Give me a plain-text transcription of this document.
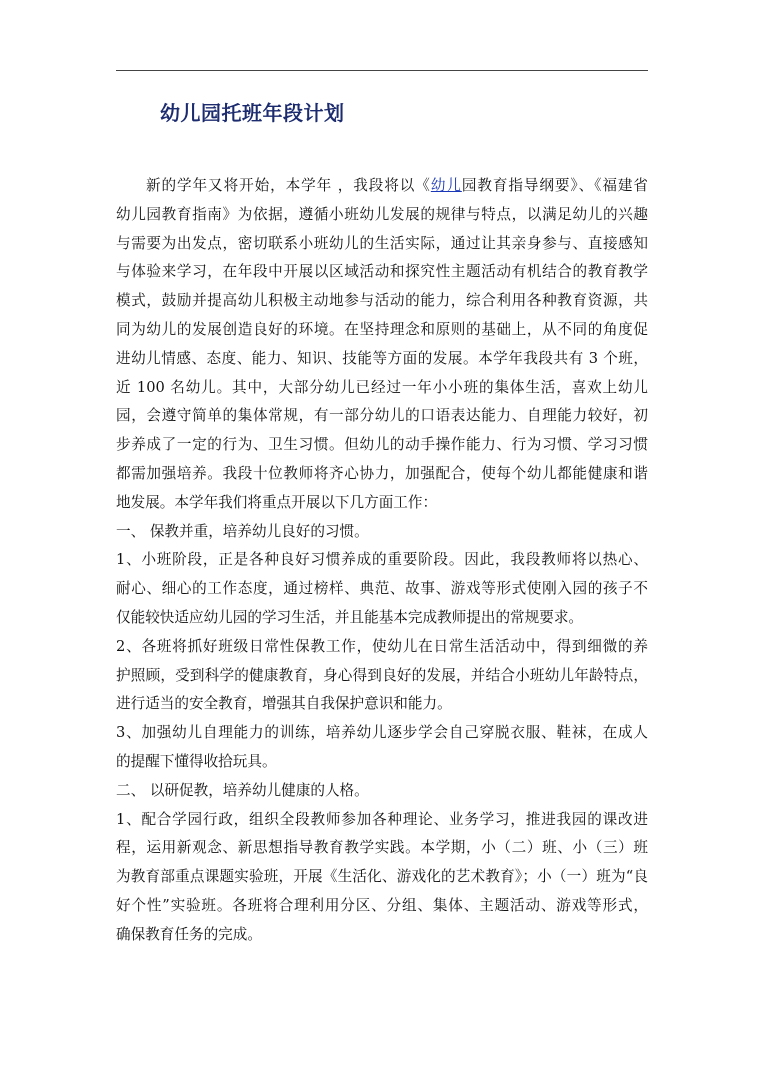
幼儿园托班年段计划
新的学年又将开始，本学年 ，我段将以《幼儿园教育指导纲要》、《福建省
幼儿园教育指南》为依据，遵循小班幼儿发展的规律与特点，以满足幼儿的兴趣
与需要为出发点，密切联系小班幼儿的生活实际，通过让其亲身参与、直接感知
与体验来学习，在年段中开展以区域活动和探究性主题活动有机结合的教育教学
模式，鼓励并提高幼儿积极主动地参与活动的能力，综合利用各种教育资源，共
同为幼儿的发展创造良好的环境。在坚持理念和原则的基础上，从不同的角度促
进幼儿情感、态度、能力、知识、技能等方面的发展。本学年我段共有 3 个班，
近 100 名幼儿。其中，大部分幼儿已经过一年小小班的集体生活，喜欢上幼儿
园，会遵守简单的集体常规，有一部分幼儿的口语表达能力、自理能力较好，初
步养成了一定的行为、卫生习惯。但幼儿的动手操作能力、行为习惯、学习习惯
都需加强培养。我段十位教师将齐心协力，加强配合，使每个幼儿都能健康和谐
地发展。本学年我们将重点开展以下几方面工作：
一、 保教并重，培养幼儿良好的习惯。
1、小班阶段，正是各种良好习惯养成的重要阶段。因此，我段教师将以热心、
耐心、细心的工作态度，通过榜样、典范、故事、游戏等形式使刚入园的孩子不
仅能较快适应幼儿园的学习生活，并且能基本完成教师提出的常规要求。
2、各班将抓好班级日常性保教工作，使幼儿在日常生活活动中，得到细微的养
护照顾，受到科学的健康教育，身心得到良好的发展，并结合小班幼儿年龄特点，
进行适当的安全教育，增强其自我保护意识和能力。
3、加强幼儿自理能力的训练，培养幼儿逐步学会自己穿脱衣服、鞋袜，在成人
的提醒下懂得收拾玩具。
二、 以研促教，培养幼儿健康的人格。
1、配合学园行政，组织全段教师参加各种理论、业务学习，推进我园的课改进
程，运用新观念、新思想指导教育教学实践。本学期，小（二）班、小（三）班
为教育部重点课题实验班，开展《生活化、游戏化的艺术教育》；小（一）班为“良
好个性”实验班。各班将合理利用分区、分组、集体、主题活动、游戏等形式，
确保教育任务的完成。
